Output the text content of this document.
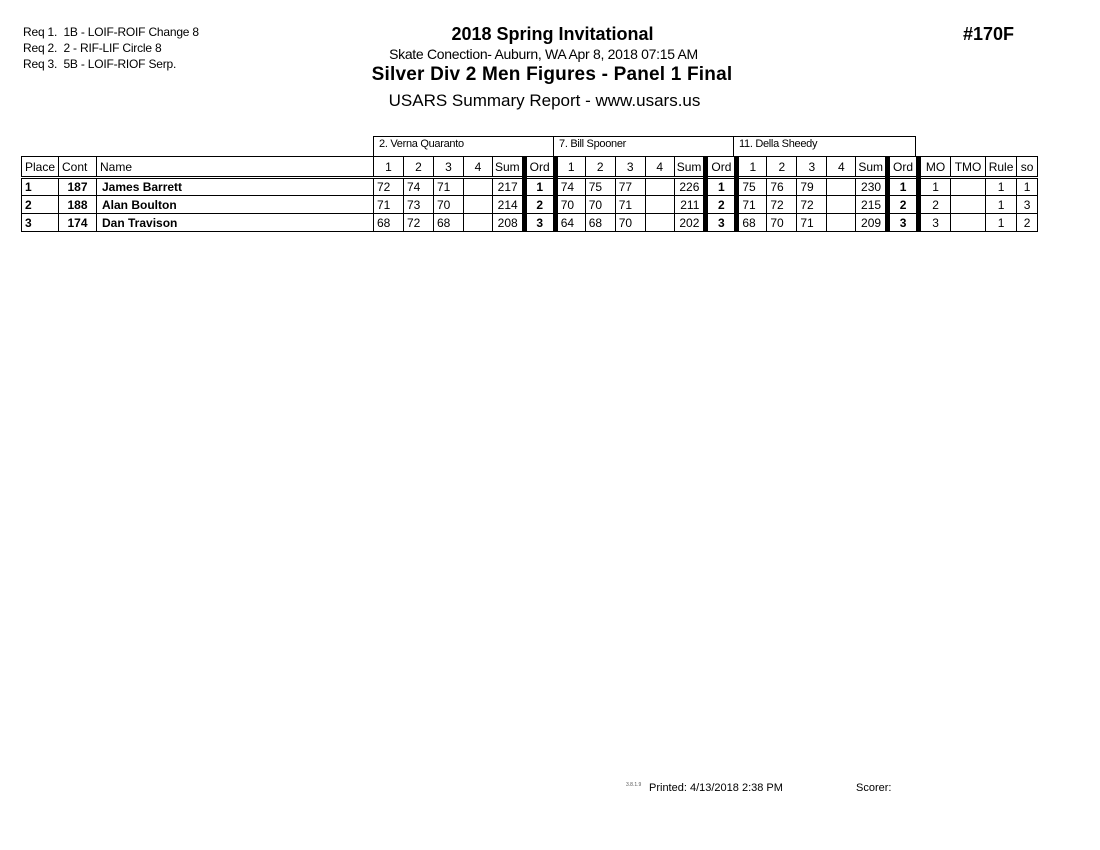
Req 1. 1B - LOIF-ROIF Change 8
Req 2. 2 - RIF-LIF Circle 8
Req 3. 5B - LOIF-RIOF Serp.
2018 Spring Invitational
Skate Conection- Auburn, WA Apr 8, 2018 07:15 AM
Silver Div 2 Men Figures - Panel 1 Final
USARS Summary Report - www.usars.us
#170F
2. Verna Quaranto	7. Bill Spooner	11. Della Sheedy
Place	Cont	Name	1	2	3	4	Sum	Ord	1	2	3	4	Sum	Ord	1	2	3	4	Sum	Ord	MO	TMO	Rule	so
1	187	James Barrett	72	74	71		217	1	74	75	77		226	1	75	76	79		230	1	1		1	1
2	188	Alan Boulton	71	73	70		214	2	70	70	71		211	2	71	72	72		215	2	2		1	3
3	174	Dan Travison	68	72	68		208	3	64	68	70		202	3	68	70	71		209	3	3		1	2
3.8.1.9 Printed: 4/13/2018 2:38 PM	Scorer:
